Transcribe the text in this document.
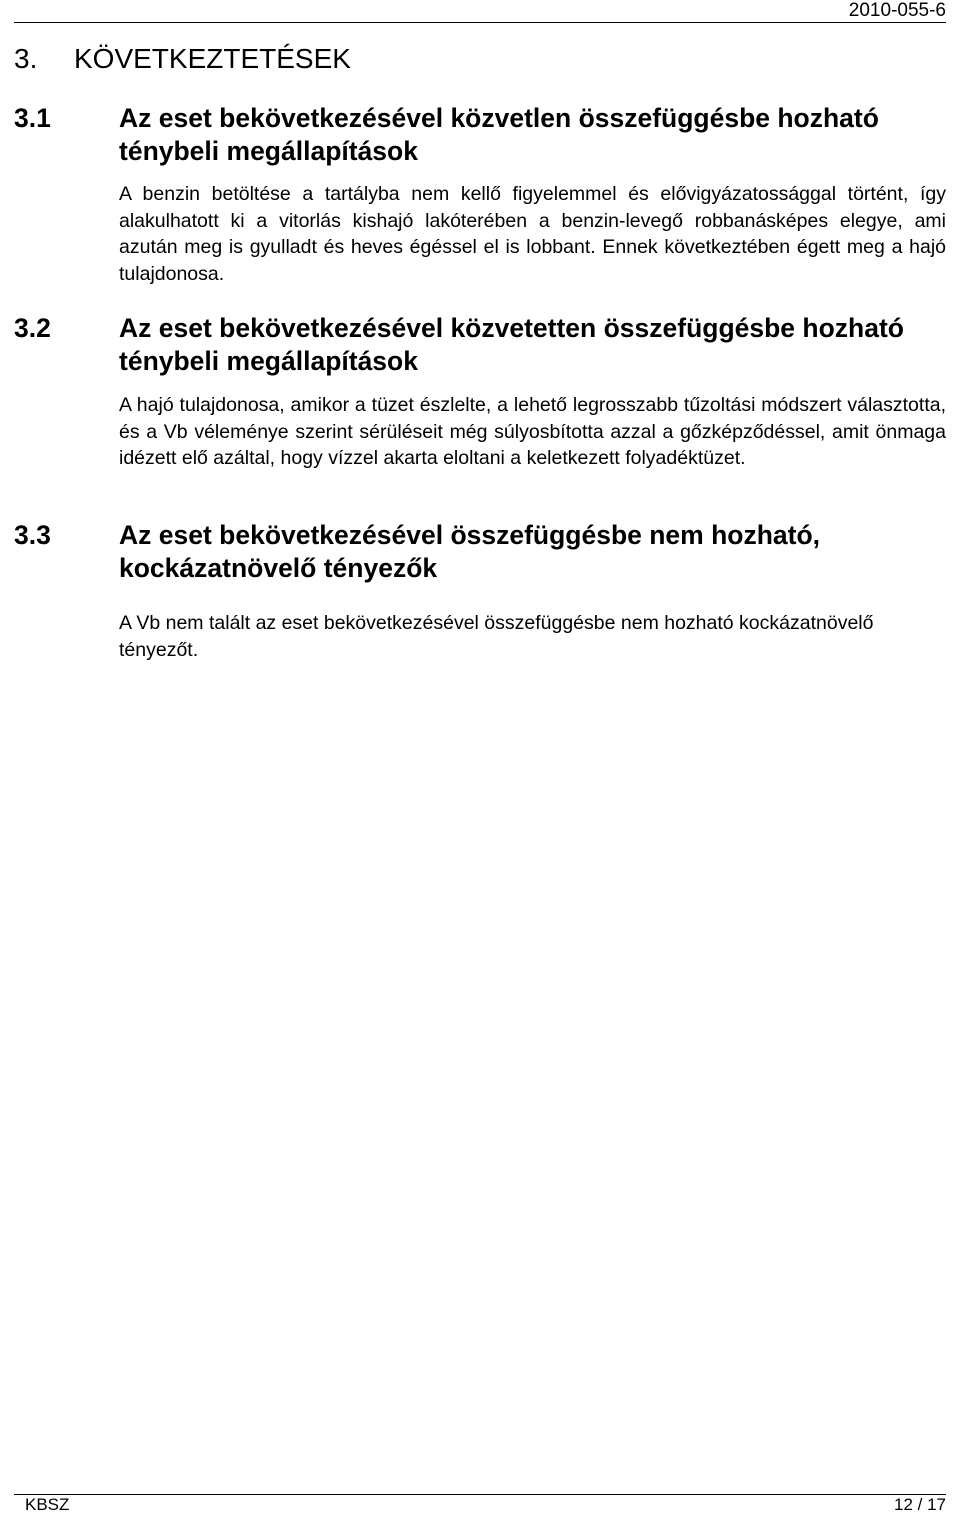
2010-055-6
3. KÖVETKEZTETÉSEK
3.1	Az eset bekövetkezésével közvetlen összefüggésbe hozható ténybeli megállapítások

A benzin betöltése a tartályba nem kellő figyelemmel és elővigyázatossággal történt, így alakulhatott ki a vitorlás kishajó lakóterében a benzin-levegő robbanásképes elegye, ami azután meg is gyulladt és heves égéssel el is lobbant. Ennek következtében égett meg a hajó tulajdonosa.

3.2	Az eset bekövetkezésével közvetetten összefüggésbe hozható ténybeli megállapítások

A hajó tulajdonosa, amikor a tüzet észlelte, a lehető legrosszabb tűzoltási módszert választotta, és a Vb véleménye szerint sérüléseit még súlyosbította azzal a gőzképződéssel, amit önmaga idézett elő azáltal, hogy vízzel akarta eloltani a keletkezett folyadéktüzet.

3.3	Az eset bekövetkezésével összefüggésbe nem hozható, kockázatnövelő tényezők

A Vb nem talált az eset bekövetkezésével összefüggésbe nem hozható kockázatnövelő tényezőt.

KBSZ	12 / 17
